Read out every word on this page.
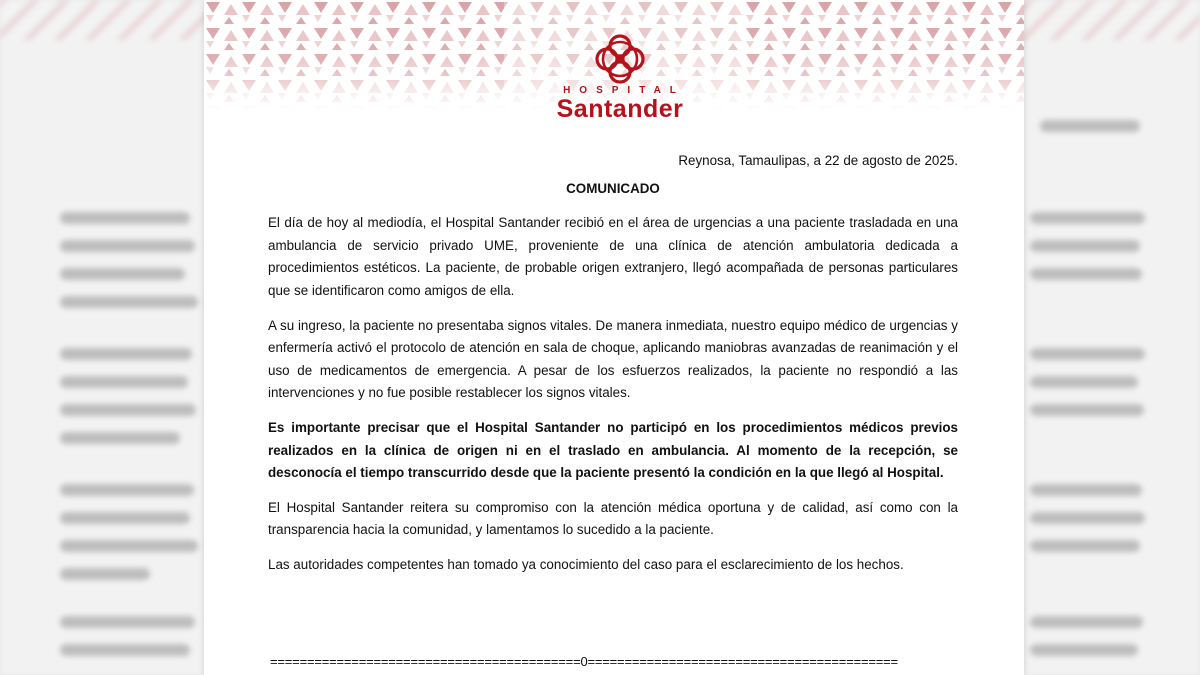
HOSPITAL
Santander

Reynosa, Tamaulipas, a 22 de agosto de 2025.

COMUNICADO

El día de hoy al mediodía, el Hospital Santander recibió en el área de urgencias a una paciente trasladada en una ambulancia de servicio privado UME, proveniente de una clínica de atención ambulatoria dedicada a procedimientos estéticos. La paciente, de probable origen extranjero, llegó acompañada de personas particulares que se identificaron como amigos de ella.

A su ingreso, la paciente no presentaba signos vitales. De manera inmediata, nuestro equipo médico de urgencias y enfermería activó el protocolo de atención en sala de choque, aplicando maniobras avanzadas de reanimación y el uso de medicamentos de emergencia. A pesar de los esfuerzos realizados, la paciente no respondió a las intervenciones y no fue posible restablecer los signos vitales.

Es importante precisar que el Hospital Santander no participó en los procedimientos médicos previos realizados en la clínica de origen ni en el traslado en ambulancia. Al momento de la recepción, se desconocía el tiempo transcurrido desde que la paciente presentó la condición en la que llegó al Hospital.

El Hospital Santander reitera su compromiso con la atención médica oportuna y de calidad, así como con la transparencia hacia la comunidad, y lamentamos lo sucedido a la paciente.

Las autoridades competentes han tomado ya conocimiento del caso para el esclarecimiento de los hechos.

==========================================0==========================================
